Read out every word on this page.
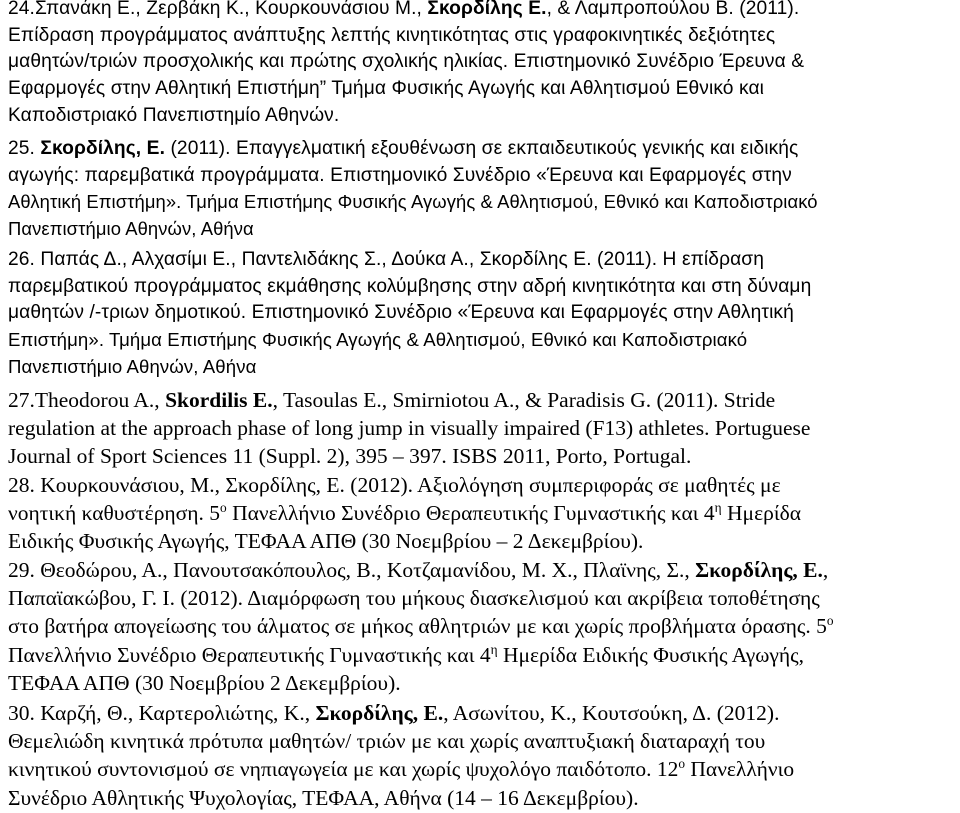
24.Σπανάκη Ε., Ζερβάκη Κ., Κουρκουνάσιου Μ., Σκορδίλης Ε., & Λαμπροπούλου Β. (2011).
Επίδραση προγράμματος ανάπτυξης λεπτής κινητικότητας στις γραφοκινητικές δεξιότητες
μαθητών/τριών προσχολικής και πρώτης σχολικής ηλικίας. Επιστημονικό Συνέδριο Έρευνα &
Εφαρμογές στην Αθλητική Επιστήμη” Τμήμα Φυσικής Αγωγής και Αθλητισμού Εθνικό και
Καποδιστριακό Πανεπιστημίο Αθηνών.
25. Σκορδίλης, Ε. (2011). Επαγγελματική εξουθένωση σε εκπαιδευτικούς γενικής και ειδικής
αγωγής: παρεμβατικά προγράμματα. Επιστημονικό Συνέδριο «Έρευνα και Εφαρμογές στην
Αθλητική Επιστήμη». Τμήμα Επιστήμης Φυσικής Αγωγής & Αθλητισμού, Εθνικό και Καποδιστριακό
Πανεπιστήμιο Αθηνών, Αθήνα
26. Παπάς Δ., Αλχασίμι Ε., Παντελιδάκης Σ., Δούκα Α., Σκορδίλης Ε. (2011). Η επίδραση
παρεμβατικού προγράμματος εκμάθησης κολύμβησης στην αδρή κινητικότητα και στη δύναμη
μαθητών /-τριων δημοτικού. Επιστημονικό Συνέδριο «Έρευνα και Εφαρμογές στην Αθλητική
Επιστήμη». Τμήμα Επιστήμης Φυσικής Αγωγής & Αθλητισμού, Εθνικό και Καποδιστριακό
Πανεπιστήμιο Αθηνών, Αθήνα
27.Theodorou A., Skordilis E., Tasoulas E., Smirniotou A., & Paradisis G. (2011). Stride
regulation at the approach phase of long jump in visually impaired (F13) athletes. Portuguese
Journal of Sport Sciences 11 (Suppl. 2), 395 – 397. ISBS 2011, Porto, Portugal.
28. Κουρκουνάσιου, Μ., Σκορδίλης, Ε. (2012). Αξιολόγηση συμπεριφοράς σε μαθητές με
νοητική καθυστέρηση. $5^o$ Πανελλήνιο Συνέδριο Θεραπευτικής Γυμναστικής και $4^\eta$ Ημερίδα
Ειδικής Φυσικής Αγωγής, ΤΕΦΑΑ ΑΠΘ (30 Νοεμβρίου – 2 Δεκεμβρίου).
29. Θεοδώρου, Α., Πανουτσακόπουλος, Β., Κοτζαμανίδου, Μ. Χ., Πλαϊνης, Σ., Σκορδίλης, Ε.,
Παπαϊακώβου, Γ. Ι. (2012). Διαμόρφωση του μήκους διασκελισμού και ακρίβεια τοποθέτησης
στο βατήρα απογείωσης του άλματος σε μήκος αθλητριών με και χωρίς προβλήματα όρασης. $5^o$
Πανελλήνιο Συνέδριο Θεραπευτικής Γυμναστικής και $4^\eta$ Ημερίδα Ειδικής Φυσικής Αγωγής,
ΤΕΦΑΑ ΑΠΘ (30 Νοεμβρίου 2 Δεκεμβρίου).
30. Καρζή, Θ., Καρτερολιώτης, Κ., Σκορδίλης, Ε., Ασωνίτου, Κ., Κουτσούκη, Δ. (2012).
Θεμελιώδη κινητικά πρότυπα μαθητών/ τριών με και χωρίς αναπτυξιακή διαταραχή του
κινητικού συντονισμού σε νηπιαγωγεία με και χωρίς ψυχολόγο παιδότοπο. $12^o$ Πανελλήνιο
Συνέδριο Αθλητικής Ψυχολογίας, ΤΕΦΑΑ, Αθήνα (14 – 16 Δεκεμβρίου).
